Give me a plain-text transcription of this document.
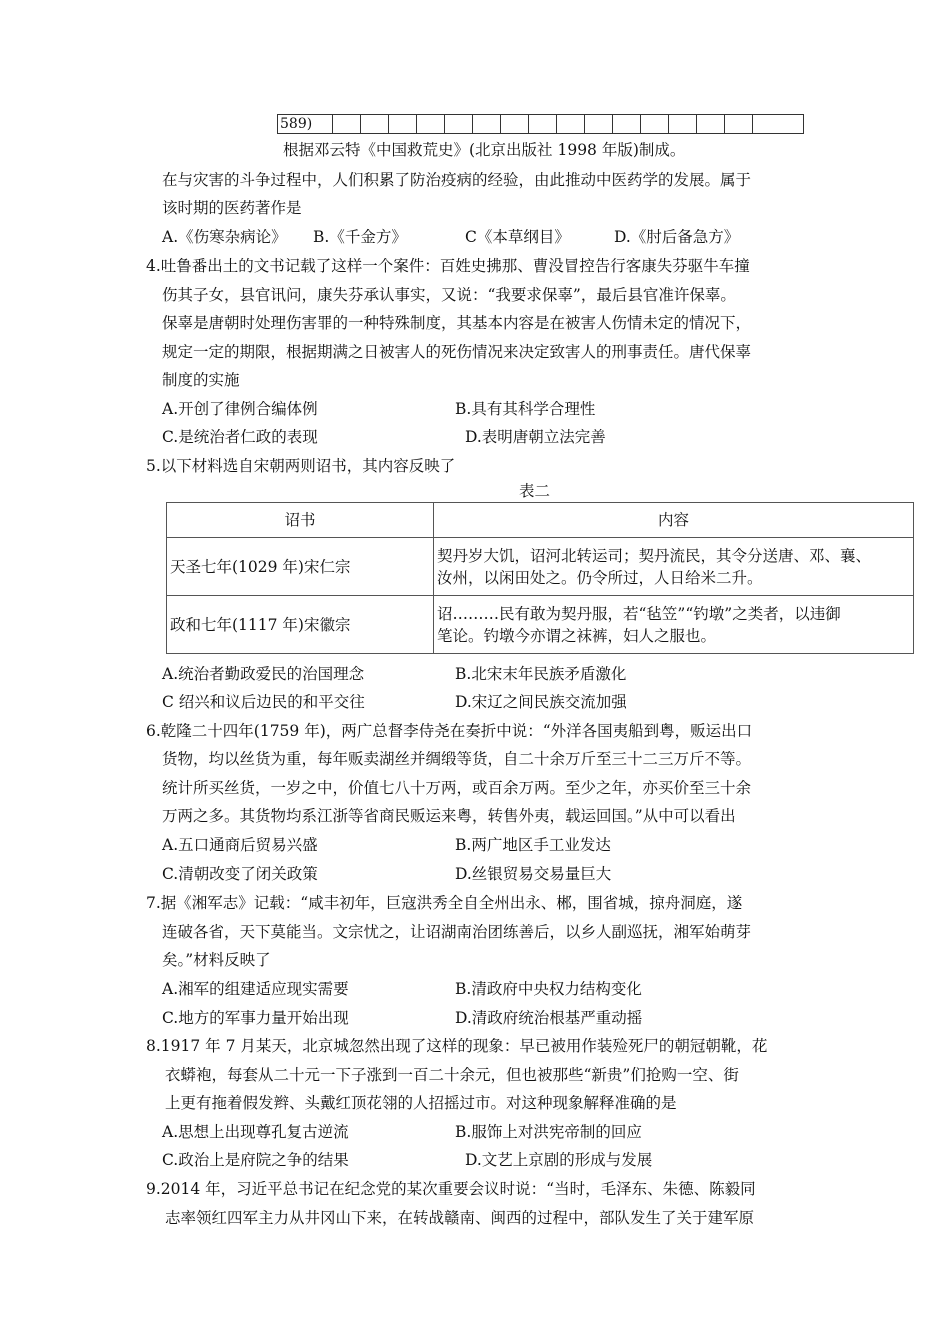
589)																
根据邓云特《中国救荒史》(北京出版社 1998 年版)制成。
在与灾害的斗争过程中，人们积累了防治疫病的经验，由此推动中医药学的发展。属于
该时期的医药著作是
A.《伤寒杂病论》 B.《千金方》	C《本草纲目》	D.《肘后备急方》
4.吐鲁番出土的文书记载了这样一个案件：百姓史拂那、曹没冒控告行客康失芬驱牛车撞
伤其子女，县官讯问，康失芬承认事实，又说：“我要求保辜”，最后县官准许保辜。
保辜是唐朝时处理伤害罪的一种特殊制度，其基本内容是在被害人伤情未定的情况下，
规定一定的期限，根据期满之日被害人的死伤情况来决定致害人的刑事责任。唐代保辜
制度的实施
A.开创了律例合编体例	B.具有其科学合理性
C.是统治者仁政的表现	D.表明唐朝立法完善
5.以下材料选自宋朝两则诏书，其内容反映了
表二
诏书	内容
天圣七年(1029 年)宋仁宗	契丹岁大饥，诏河北转运司；契丹流民，其令分送唐、邓、襄、
汝州，以闲田处之。仍令所过，人日给米二升。

政和七年(1117 年)宋徽宗	诏………民有敢为契丹服，若“毡笠”“钓墩”之类者，以违御
笔论。钓墩今亦谓之袜裤，妇人之服也。
A.统治者勤政爱民的治国理念	B.北宋末年民族矛盾激化
C 绍兴和议后边民的和平交往	D.宋辽之间民族交流加强
6.乾隆二十四年(1759 年)，两广总督李侍尧在奏折中说：“外洋各国夷船到粤，贩运出口
货物，均以丝货为重，每年贩卖湖丝并绸缎等货，自二十余万斤至三十二三万斤不等。
统计所买丝货，一岁之中，价值七八十万两，或百余万两。至少之年，亦买价至三十余
万两之多。其货物均系江浙等省商民贩运来粤，转售外夷，载运回国。”从中可以看出
A.五口通商后贸易兴盛	B.两广地区手工业发达
C.清朝改变了闭关政策	D.丝银贸易交易量巨大
7.据《湘军志》记载：“咸丰初年，巨寇洪秀全自全州出永、郴，围省城，掠舟洞庭，遂
连破各省，天下莫能当。文宗忧之，让诏湖南治团练善后，以乡人副巡抚，湘军始萌芽
矣。”材料反映了
A.湘军的组建适应现实需要	B.清政府中央权力结构变化
C.地方的军事力量开始出现	D.清政府统治根基严重动摇
8.1917 年 7 月某天，北京城忽然出现了这样的现象：早已被用作装殓死尸的朝冠朝靴，花
衣蟒袍，每套从二十元一下子涨到一百二十余元，但也被那些“新贵”们抢购一空、街
上更有拖着假发辫、头戴红顶花翎的人招摇过市。对这种现象解释准确的是
A.思想上出现尊孔复古逆流	B.服饰上对洪宪帝制的回应
C.政治上是府院之争的结果	D.文艺上京剧的形成与发展
9.2014 年，习近平总书记在纪念党的某次重要会议时说：“当时，毛泽东、朱德、陈毅同
志率领红四军主力从井冈山下来，在转战赣南、闽西的过程中，部队发生了关于建军原
